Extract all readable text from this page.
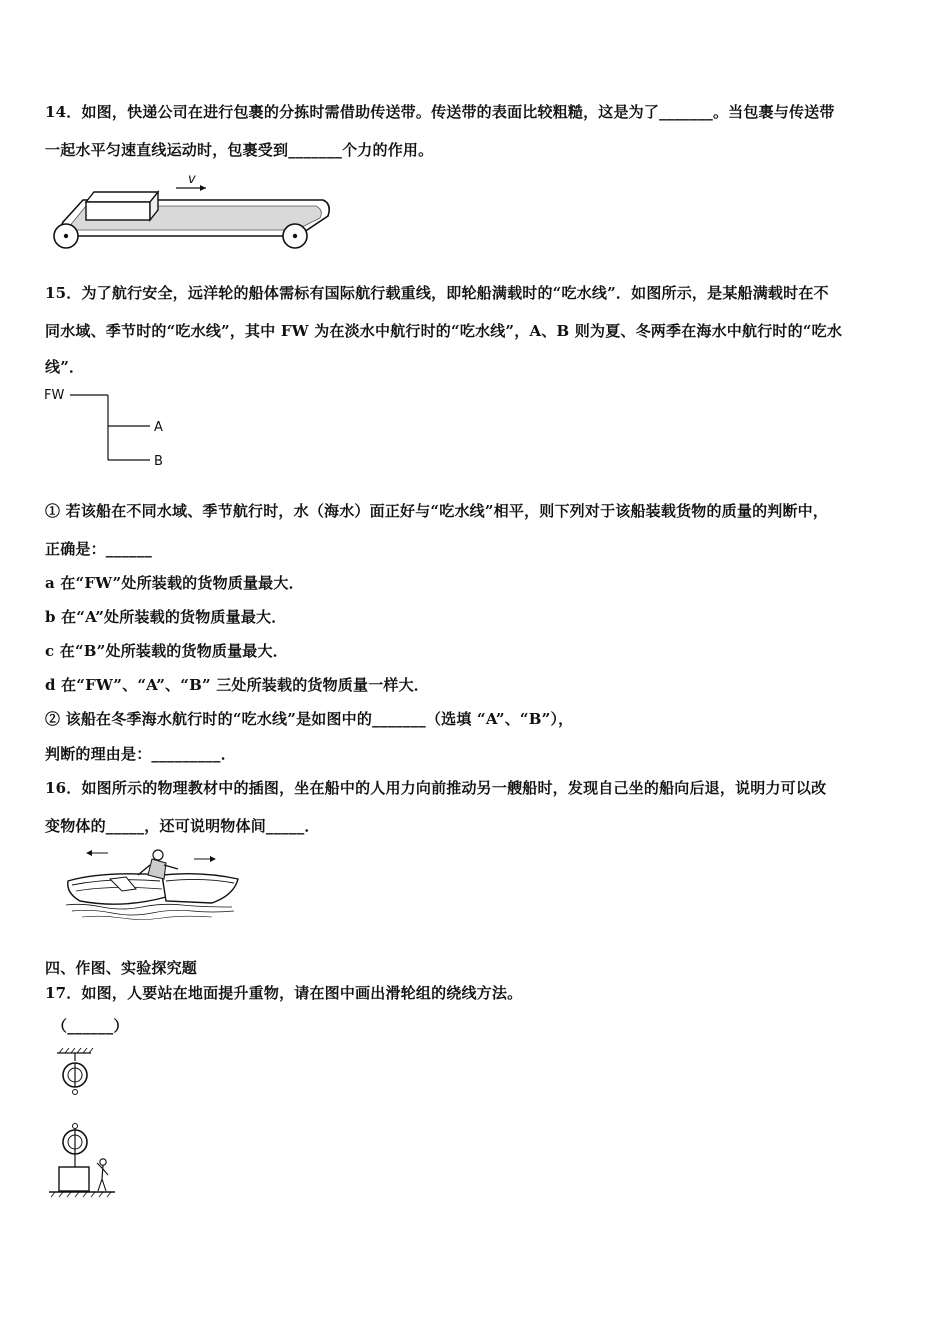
14．如图，快递公司在进行包裹的分拣时需借助传送带。传送带的表面比较粗糙，这是为了_______。当包裹与传送带
一起水平匀速直线运动时，包裹受到_______个力的作用。
v
15．为了航行安全，远洋轮的船体需标有国际航行载重线，即轮船满载时的“吃水线”．如图所示，是某船满载时在不
同水域、季节时的“吃水线”，其中 FW 为在淡水中航行时的“吃水线”，A、B 则为夏、冬两季在海水中航行时的“吃水
线”．
FW
A
B
① 若该船在不同水域、季节航行时，水（海水）面正好与“吃水线”相平，则下列对于该船装载货物的质量的判断中，
正确是：______
a 在“FW”处所装载的货物质量最大．
b 在“A”处所装载的货物质量最大．
c 在“B”处所装载的货物质量最大．
d 在“FW”、“A”、“B” 三处所装载的货物质量一样大．
② 该船在冬季海水航行时的“吃水线”是如图中的_______（选填 “A”、“B”），
判断的理由是：_________．
16．如图所示的物理教材中的插图，坐在船中的人用力向前推动另一艘船时，发现自己坐的船向后退，说明力可以改
变物体的_____，还可说明物体间_____．
四、作图、实验探究题
17．如图，人要站在地面提升重物，请在图中画出滑轮组的绕线方法。
（______）
